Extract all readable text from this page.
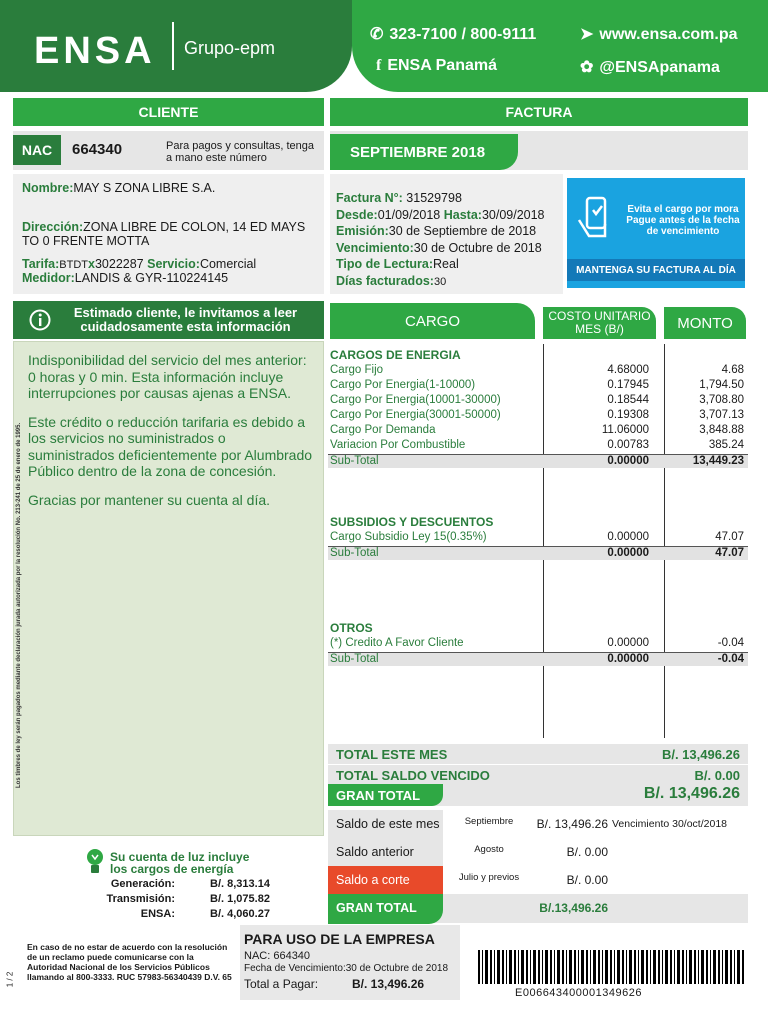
ENSA Grupo-epm
✆ 323-7100 / 800-9111	➤ www.ensa.com.pa
f ENSA Panamá	✿ @ENSApanama
CLIENTE	FACTURA
NAC	664340	Para pagos y consultas, tenga a mano este número	SEPTIEMBRE 2018
Nombre:MAY S ZONA LIBRE S.A.
Dirección:ZONA LIBRE DE COLON, 14 ED MAYS TO 0 FRENTE MOTTA
Tarifa:BTDTx3022287 Servicio:Comercial
Medidor:LANDIS & GYR-110224145
Factura N°: 31529798
Desde:01/09/2018 Hasta:30/09/2018
Emisión:30 de Septiembre de 2018
Vencimiento:30 de Octubre de 2018
Tipo de Lectura:Real
Días facturados:30
Evita el cargo por mora Pague antes de la fecha de vencimiento
MANTENGA SU FACTURA AL DÍA
Estimado cliente, le invitamos a leer cuidadosamente esta información

Indisponibilidad del servicio del mes anterior: 0 horas y 0 min. Esta información incluye interrupciones por causas ajenas a ENSA.

Este crédito o reducción tarifaria es debido a los servicios no suministrados o suministrados deficientemente por Alumbrado Público dentro de la zona de concesión.

Gracias por mantener su cuenta al día.

CARGO	COSTO UNITARIO MES (B/)	MONTO
CARGOS DE ENERGIA
Cargo Fijo	4.68000	4.68
Cargo Por Energia(1-10000)	0.17945	1,794.50
Cargo Por Energia(10001-30000)	0.18544	3,708.80
Cargo Por Energia(30001-50000)	0.19308	3,707.13
Cargo Por Demanda	11.06000	3,848.88
Variacion Por Combustible	0.00783	385.24
Sub-Total	0.00000	13,449.23
SUBSIDIOS Y DESCUENTOS
Cargo Subsidio Ley 15(0.35%)	0.00000	47.07
Sub-Total	0.00000	47.07
OTROS
(*) Credito A Favor Cliente	0.00000	-0.04
Sub-Total	0.00000	-0.04
TOTAL ESTE MES	B/. 13,496.26
TOTAL SALDO VENCIDO	B/. 0.00
GRAN TOTAL	B/. 13,496.26
Saldo de este mes	Septiembre	B/. 13,496.26 Vencimiento 30/oct/2018
Saldo anterior	Agosto	B/. 0.00
Saldo a corte	Julio y previos	B/. 0.00
GRAN TOTAL	B/.13,496.26
Su cuenta de luz incluye los cargos de energía
Generación:	B/. 8,313.14
Transmisión:	B/. 1,075.82
ENSA:	B/. 4,060.27
En caso de no estar de acuerdo con la resolución de un reclamo puede comunicarse con la Autoridad Nacional de los Servicios Públicos llamando al 800-3333. RUC 57983-56340439 D.V. 65
PARA USO DE LA EMPRESA
NAC: 664340
Fecha de Vencimiento:30 de Octubre de 2018
Total a Pagar:	B/. 13,496.26
E006643400001349626
Los timbres de ley serán pagados mediante declaración jurada autorizada por la resolución No. 213-241 de 25 de enero de 1995.
1 / 2
